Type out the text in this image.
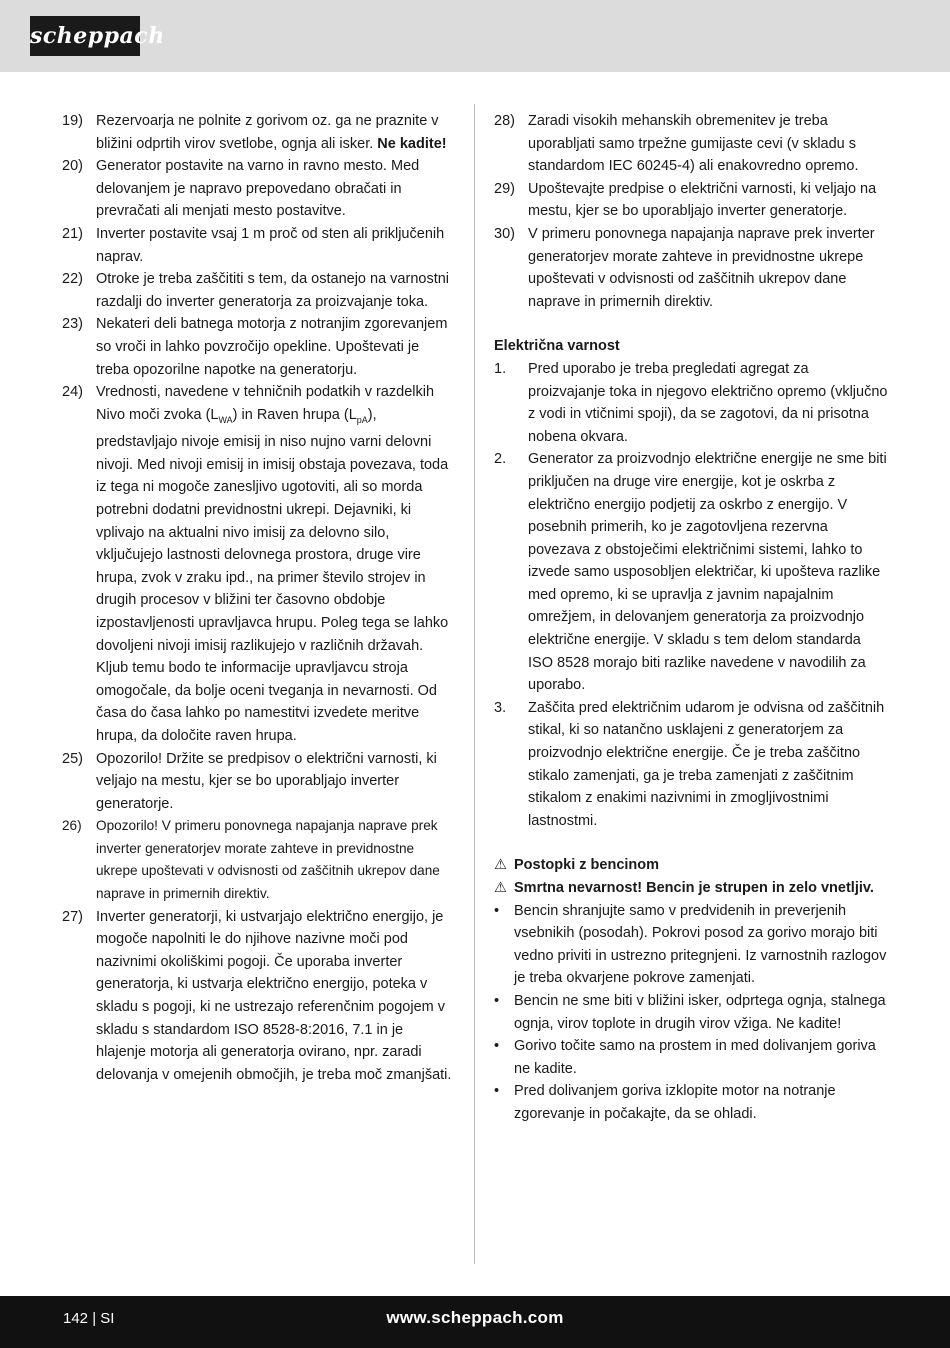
scheppach
19) Rezervoarja ne polnite z gorivom oz. ga ne praznite v bližini odprtih virov svetlobe, ognja ali isker. Ne kadite!
20) Generator postavite na varno in ravno mesto. Med delovanjem je napravo prepovedano obračati in prevračati ali menjati mesto postavitve.
21) Inverter postavite vsaj 1 m proč od sten ali priključenih naprav.
22) Otroke je treba zaščititi s tem, da ostanejo na varnostni razdalji do inverter generatorja za proizvajanje toka.
23) Nekateri deli batnega motorja z notranjim zgorevanjem so vroči in lahko povzročijo opekline. Upoštevati je treba opozorilne napotke na generatorju.
24) Vrednosti, navedene v tehničnih podatkih v razdelkih Nivo moči zvoka $(L_{WA})$ in Raven hrupa $(L_{pA})$, predstavljajo nivoje emisij in niso nujno varni delovni nivoji. Med nivoji emisij in imisij obstaja povezava, toda iz tega ni mogoče zanesljivo ugotoviti, ali so morda potrebni dodatni previdnostni ukrepi. Dejavniki, ki vplivajo na aktualni nivo imisij za delovno silo, vključujejo lastnosti delovnega prostora, druge vire hrupa, zvok v zraku ipd., na primer število strojev in drugih procesov v bližini ter časovno obdobje izpostavljenosti upravljavca hrupu. Poleg tega se lahko dovoljeni nivoji imisij razlikujejo v različnih državah. Kljub temu bodo te informacije upravljavcu stroja omogočale, da bolje oceni tveganja in nevarnosti. Od časa do časa lahko po namestitvi izvedete meritve hrupa, da določite raven hrupa.
25) Opozorilo! Držite se predpisov o električni varnosti, ki veljajo na mestu, kjer se bo uporabljajo inverter generatorje.
26) Opozorilo! V primeru ponovnega napajanja naprave prek inverter generatorjev morate zahteve in previdnostne ukrepe upoštevati v odvisnosti od zaščitnih ukrepov dane naprave in primernih direktiv.
27) Inverter generatorji, ki ustvarjajo električno energijo, je mogoče napolniti le do njihove nazivne moči pod nazivnimi okoliškimi pogoji. Če uporaba inverter generatorja, ki ustvarja električno energijo, poteka v skladu s pogoji, ki ne ustrezajo referenčnim pogojem v skladu s standardom ISO 8528-8:2016, 7.1 in je hlajenje motorja ali generatorja ovirano, npr. zaradi delovanja v omejenih območjih, je treba moč zmanjšati.
28) Zaradi visokih mehanskih obremenitev je treba uporabljati samo trpežne gumijaste cevi (v skladu s standardom IEC 60245-4) ali enakovredno opremo.
29) Upoštevajte predpise o električni varnosti, ki veljajo na mestu, kjer se bo uporabljajo inverter generatorje.
30) V primeru ponovnega napajanja naprave prek inverter generatorjev morate zahteve in previdnostne ukrepe upoštevati v odvisnosti od zaščitnih ukrepov dane naprave in primernih direktiv.
Električna varnost
1. Pred uporabo je treba pregledati agregat za proizvajanje toka in njegovo električno opremo (vključno z vodi in vtičnimi spoji), da se zagotovi, da ni prisotna nobena okvara.
2. Generator za proizvodnjo električne energije ne sme biti priključen na druge vire energije, kot je oskrba z električno energijo podjetij za oskrbo z energijo. V posebnih primerih, ko je zagotovljena rezervna povezava z obstoječimi električnimi sistemi, lahko to izvede samo usposobljen električar, ki upošteva razlike med opremo, ki se upravlja z javnim napajalnim omrežjem, in delovanjem generatorja za proizvodnjo električne energije. V skladu s tem delom standarda ISO 8528 morajo biti razlike navedene v navodilih za uporabo.
3. Zaščita pred električnim udarom je odvisna od zaščitnih stikal, ki so natančno usklajeni z generatorjem za proizvodnjo električne energije. Če je treba zaščitno stikalo zamenjati, ga je treba zamenjati z zaščitnim stikalom z enakimi nazivnimi in zmogljivostnimi lastnostmi.
⚠ Postopki z bencinom
⚠ Smrtna nevarnost! Bencin je strupen in zelo vnetljiv.
• Bencin shranjujte samo v predvidenih in preverjenih vsebnikih (posodah). Pokrovi posod za gorivo morajo biti vedno priviti in ustrezno pritegnjeni. Iz varnostnih razlogov je treba okvarjene pokrove zamenjati.
• Bencin ne sme biti v bližini isker, odprtega ognja, stalnega ognja, virov toplote in drugih virov vžiga. Ne kadite!
• Gorivo točite samo na prostem in med dolivanjem goriva ne kadite.
• Pred dolivanjem goriva izklopite motor na notranje zgorevanje in počakajte, da se ohladi.
142 | SI	www.scheppach.com
